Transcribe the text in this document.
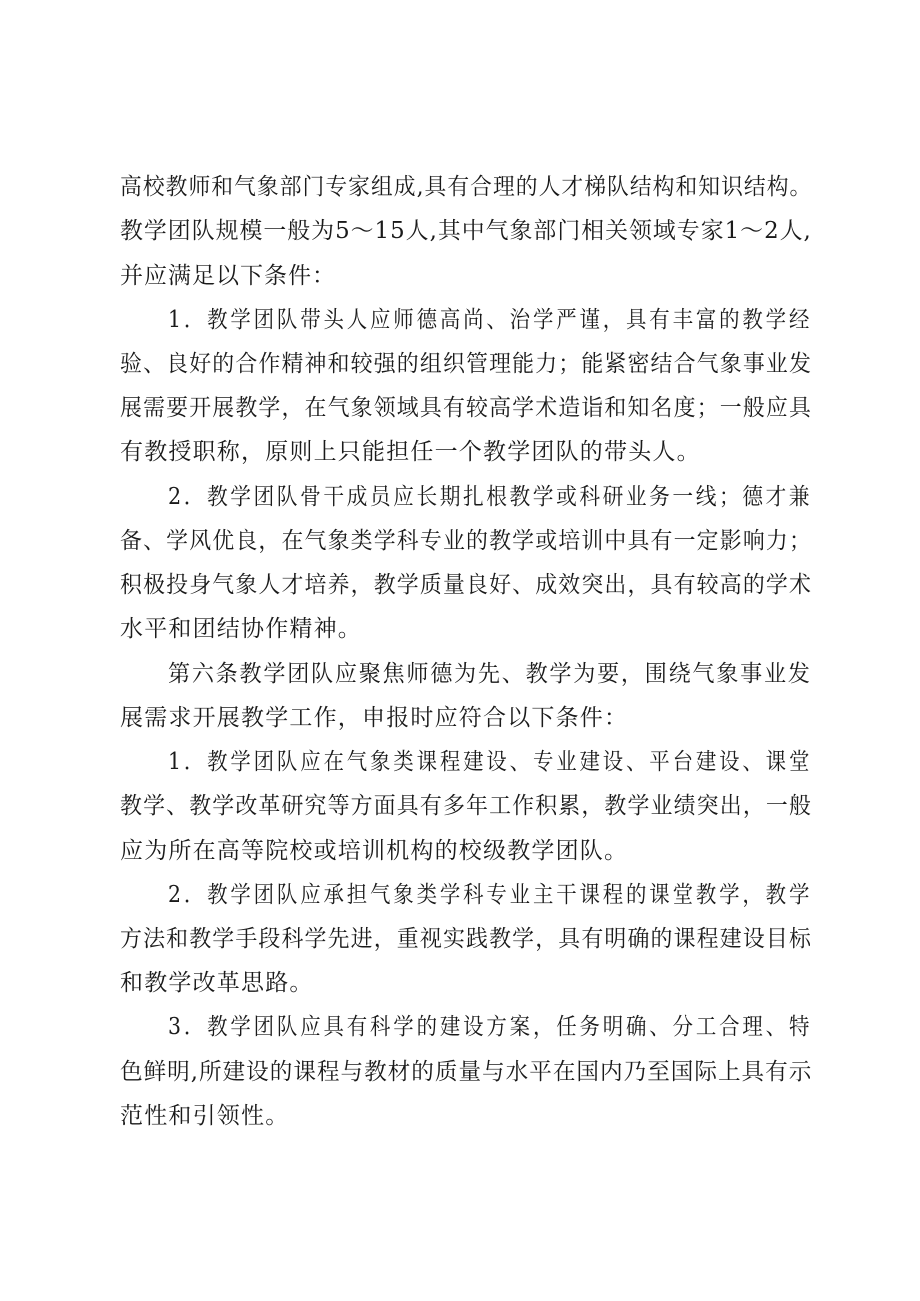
高校教师和气象部门专家组成,具有合理的人才梯队结构和知识结构。
教学团队规模一般为5～15人,其中气象部门相关领域专家1～2人,
并应满足以下条件：
1．教学团队带头人应师德高尚、治学严谨，具有丰富的教学经
验、良好的合作精神和较强的组织管理能力；能紧密结合气象事业发
展需要开展教学，在气象领域具有较高学术造诣和知名度；一般应具
有教授职称，原则上只能担任一个教学团队的带头人。
2．教学团队骨干成员应长期扎根教学或科研业务一线；德才兼
备、学风优良，在气象类学科专业的教学或培训中具有一定影响力；
积极投身气象人才培养，教学质量良好、成效突出，具有较高的学术
水平和团结协作精神。
第六条教学团队应聚焦师德为先、教学为要，围绕气象事业发
展需求开展教学工作，申报时应符合以下条件：
1．教学团队应在气象类课程建设、专业建设、平台建设、课堂
教学、教学改革研究等方面具有多年工作积累，教学业绩突出，一般
应为所在高等院校或培训机构的校级教学团队。
2．教学团队应承担气象类学科专业主干课程的课堂教学，教学
方法和教学手段科学先进，重视实践教学，具有明确的课程建设目标
和教学改革思路。
3．教学团队应具有科学的建设方案，任务明确、分工合理、特
色鲜明,所建设的课程与教材的质量与水平在国内乃至国际上具有示
范性和引领性。
